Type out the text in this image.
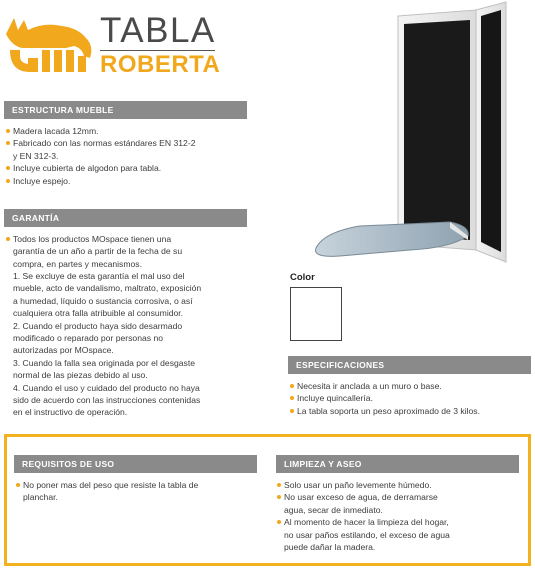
TABLA
ROBERTA
ESTRUCTURA MUEBLE
Madera lacada 12mm.
Fabricado con las normas estándares EN 312-2
y EN 312-3.
Incluye cubierta de algodon para tabla.
Incluye espejo.
GARANTÍA
Todos los productos MOspace tienen una
garantía de un año a partir de la fecha de su
compra, en partes y mecanismos.
1. Se excluye de esta garantía el mal uso del
mueble, acto de vandalismo, maltrato, exposición
a humedad, líquido o sustancia corrosiva, o así
cualquiera otra falla atribuible al consumidor.
2. Cuando el producto haya sido desarmado
modificado o reparado por personas no
autorizadas por MOspace.
3. Cuando la falla sea originada por el desgaste
normal de las piezas debido al uso.
4. Cuando el uso y cuidado del producto no haya
sido de acuerdo con las instrucciones contenidas
en el instructivo de operación.
Color
ESPECIFICACIONES
Necesita ir anclada a un muro o base.
Incluye quincallería.
La tabla soporta un peso aproximado de 3 kilos.
REQUISITOS DE USO
No poner mas del peso que resiste la tabla de
planchar.
LIMPIEZA Y ASEO
Solo usar un paño levemente húmedo.
No usar exceso de agua, de derramarse
agua, secar de inmediato.
Al momento de hacer la limpieza del hogar,
no usar paños estilando, el exceso de agua
puede dañar la madera.
